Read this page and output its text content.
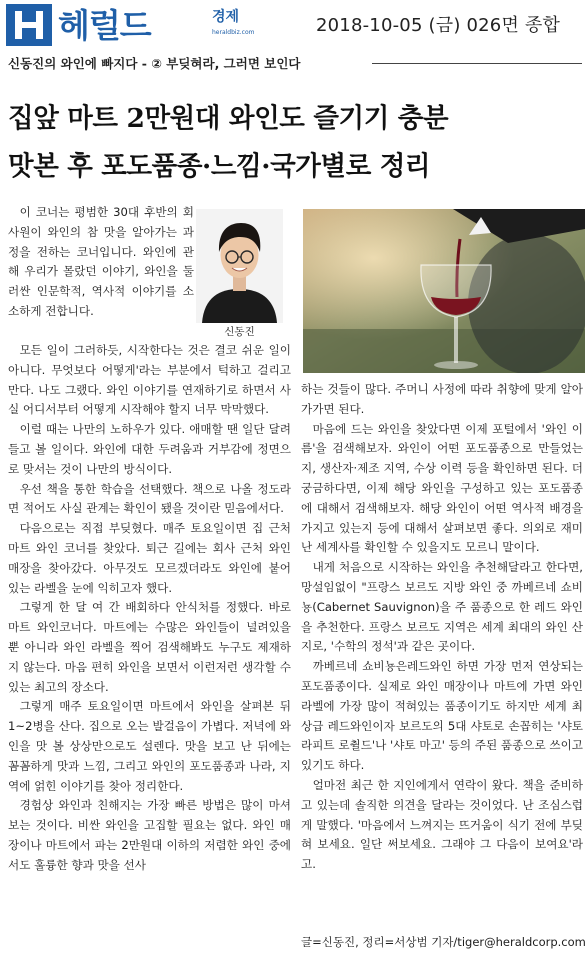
헤럴드	경제
heraldbiz.com	2018-10-05 (금) 026면 종합
신동진의 와인에 빠지다 - ② 부딪혀라, 그러면 보인다
집앞 마트 2만원대 와인도 즐기기 충분
맛본 후 포도품종·느낌·국가별로 정리

이 코너는 평범한 30대 후반의 회사원이 와인의 참 맛을 알아가는 과정을 전하는 코너입니다. 와인에 관해 우리가 몰랐던 이야기, 와인을 둘러싼 인문학적, 역사적 이야기를 소소하게 전합니다.

신동진

모든 일이 그러하듯, 시작한다는 것은 결코 쉬운 일이 아니다. 무엇보다 어떻게'라는 부분에서 턱하고 걸리고 만다. 나도 그랬다. 와인 이야기를 연재하기로 하면서 사실 어디서부터 어떻게 시작해야 할지 너무 막막했다.

이럴 때는 나만의 노하우가 있다. 애매할 땐 일단 달려들고 볼 일이다. 와인에 대한 두려움과 거부감에 정면으로 맞서는 것이 나만의 방식이다.

우선 책을 통한 학습을 선택했다. 책으로 나올 정도라면 적어도 사실 관계는 확인이 됐을 것이란 믿음에서다.

다음으로는 직접 부딪혔다. 매주 토요일이면 집 근처 마트 와인 코너를 찾았다. 퇴근 길에는 회사 근처 와인 매장을 찾아갔다. 아무것도 모르겠더라도 와인에 붙어 있는 라벨을 눈에 익히고자 했다.

그렇게 한 달 여 간 배회하다 안식처를 정했다. 바로 마트 와인코너다. 마트에는 수많은 와인들이 널려있을 뿐 아니라 와인 라벨을 찍어 검색해봐도 누구도 제재하지 않는다. 마음 편히 와인을 보면서 이런저런 생각할 수 있는 최고의 장소다.

그렇게 매주 토요일이면 마트에서 와인을 살펴본 뒤 1~2병을 산다. 집으로 오는 발걸음이 가볍다. 저녁에 와인을 맛 볼 상상만으로도 설렌다. 맛을 보고 난 뒤에는 꼼꼼하게 맛과 느낌, 그리고 와인의 포도품종과 나라, 지역에 얽힌 이야기를 찾아 정리한다.

경험상 와인과 친해지는 가장 빠른 방법은 많이 마셔보는 것이다. 비싼 와인을 고집할 필요는 없다. 와인 매장이나 마트에서 파는 2만원대 이하의 저렴한 와인 중에서도 훌륭한 향과 맛을 선사

하는 것들이 많다. 주머니 사정에 따라 취향에 맞게 알아가가면 된다.

마음에 드는 와인을 찾았다면 이제 포털에서 '와인 이름'을 검색해보자. 와인이 어떤 포도품종으로 만들었는지, 생산자·제조 지역, 수상 이력 등을 확인하면 된다. 더 궁금하다면, 이제 해당 와인을 구성하고 있는 포도품종에 대해서 검색해보자. 해당 와인이 어떤 역사적 배경을 가지고 있는지 등에 대해서 살펴보면 좋다. 의외로 재미난 세계사를 확인할 수 있을지도 모르니 말이다.

내게 처음으로 시작하는 와인을 추천해달라고 한다면, 망설임없이 "프랑스 보르도 지방 와인 중 까베르네 쇼비뇽(Cabernet Sauvignon)을 주 품종으로 한 레드 와인을 추천한다. 프랑스 보르도 지역은 세계 최대의 와인 산지로, '수학의 정석'과 같은 곳이다.

까베르네 쇼비뇽은레드와인 하면 가장 먼저 연상되는 포도품종이다. 실제로 와인 매장이나 마트에 가면 와인 라벨에 가장 많이 적혀있는 품종이기도 하지만 세계 최상급 레드와인이자 보르도의 5대 샤토로 손꼽히는 '샤토 라피트 로췰드'나 '샤토 마고' 등의 주된 품종으로 쓰이고 있기도 하다.

얼마전 최근 한 지인에게서 연락이 왔다. 책을 준비하고 있는데 솔직한 의견을 달라는 것이었다. 난 조심스럽게 말했다. '마음에서 느껴지는 뜨거움이 식기 전에 부딪혀 보세요. 일단 써보세요. 그래야 그 다음이 보여요'라고.

글=신동진, 정리=서상범 기자/tiger@heraldcorp.com
